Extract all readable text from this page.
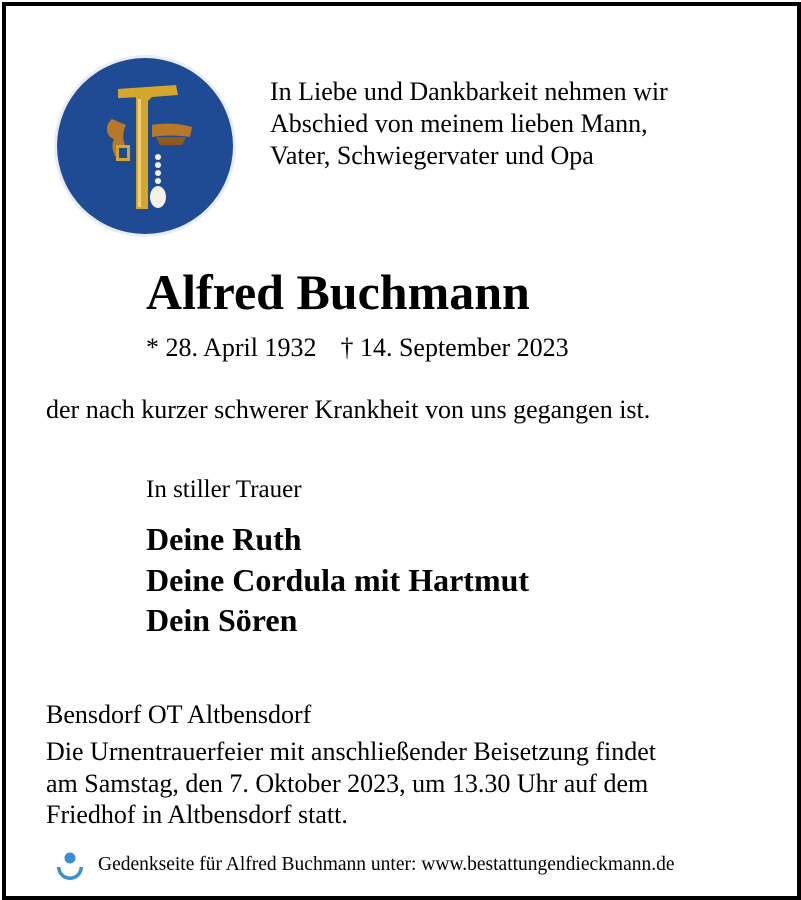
In Liebe und Dankbarkeit nehmen wir
Abschied von meinem lieben Mann,
Vater, Schwiegervater und Opa
Alfred Buchmann
* 28. April 1932 † 14. September 2023
der nach kurzer schwerer Krankheit von uns gegangen ist.
In stiller Trauer
Deine Ruth
Deine Cordula mit Hartmut
Dein Sören
Bensdorf OT Altbensdorf
Die Urnentrauerfeier mit anschließender Beisetzung findet
am Samstag, den 7. Oktober 2023, um 13.30 Uhr auf dem
Friedhof in Altbensdorf statt.
Gedenkseite für Alfred Buchmann unter: www.bestattungendieckmann.de
